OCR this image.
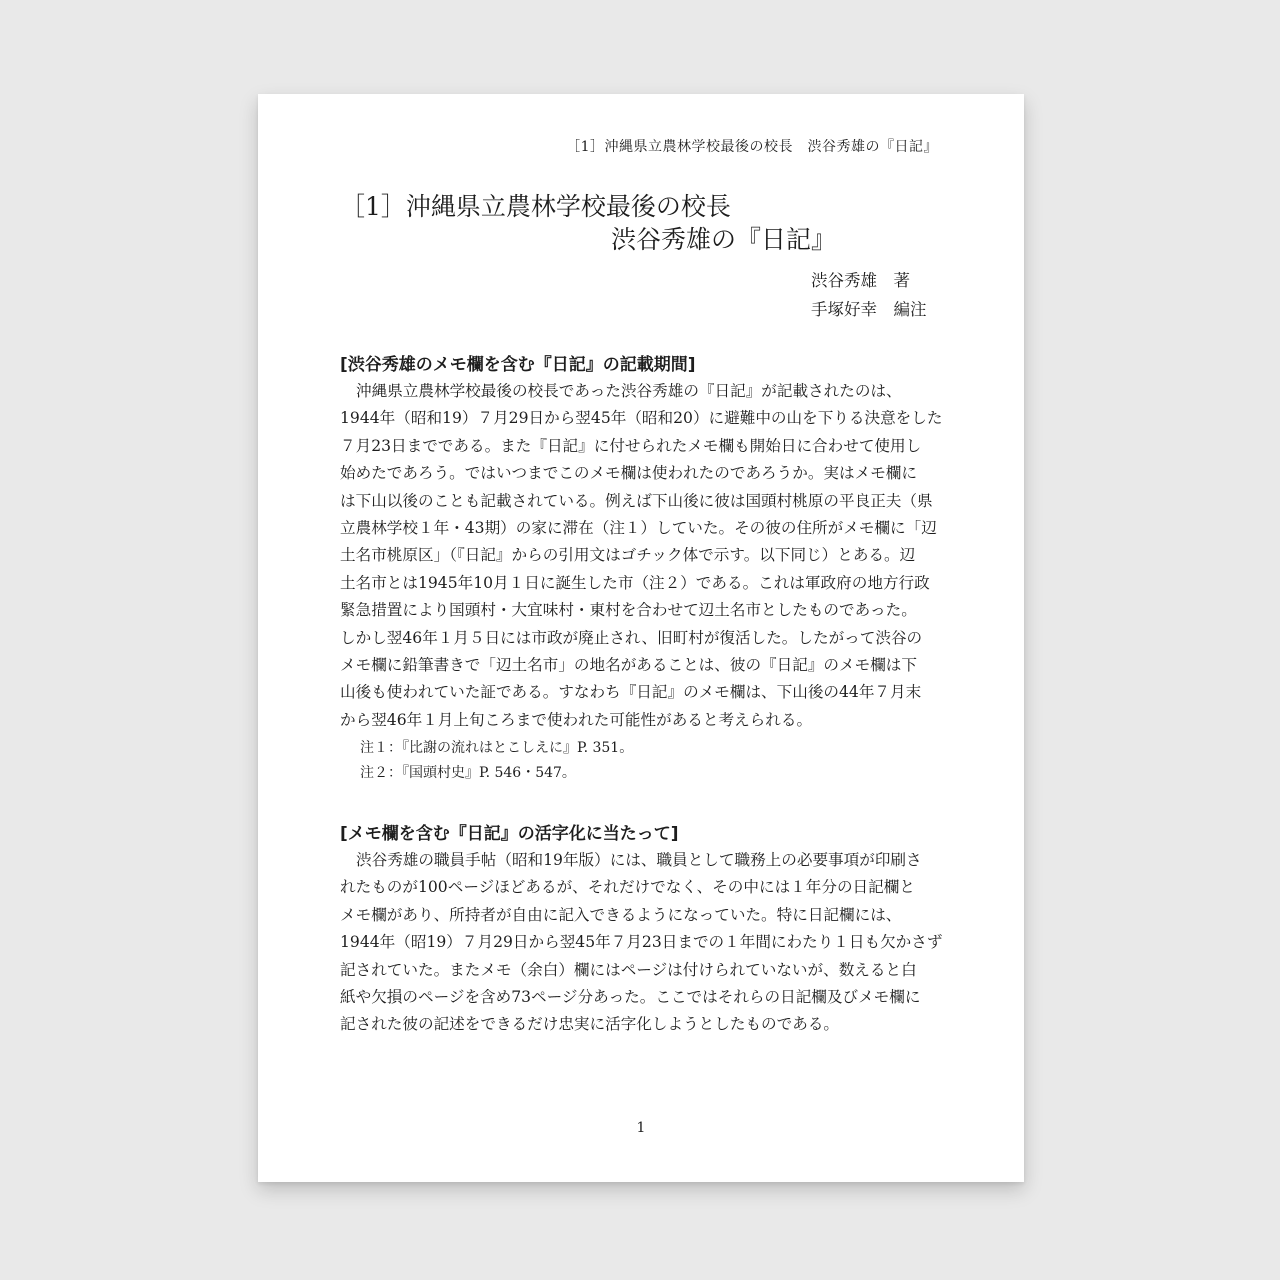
［1］沖縄県立農林学校最後の校長　渋谷秀雄の『日記』
［1］沖縄県立農林学校最後の校長
渋谷秀雄の『日記』
渋谷秀雄　著
手塚好幸　編注
[渋谷秀雄のメモ欄を含む『日記』の記載期間]
沖縄県立農林学校最後の校長であった渋谷秀雄の『日記』が記載されたのは、
1944年（昭和19）７月29日から翌45年（昭和20）に避難中の山を下りる決意をした
７月23日までである。また『日記』に付せられたメモ欄も開始日に合わせて使用し
始めたであろう。ではいつまでこのメモ欄は使われたのであろうか。実はメモ欄に
は下山以後のことも記載されている。例えば下山後に彼は国頭村桃原の平良正夫（県
立農林学校１年・43期）の家に滞在（注１）していた。その彼の住所がメモ欄に「辺
土名市桃原区」（『日記』からの引用文はゴチック体で示す。以下同じ）とある。辺
土名市とは1945年10月１日に誕生した市（注２）である。これは軍政府の地方行政
緊急措置により国頭村・大宜味村・東村を合わせて辺土名市としたものであった。
しかし翌46年１月５日には市政が廃止され、旧町村が復活した。したがって渋谷の
メモ欄に鉛筆書きで「辺土名市」の地名があることは、彼の『日記』のメモ欄は下
山後も使われていた証である。すなわち『日記』のメモ欄は、下山後の44年７月末
から翌46年１月上旬ころまで使われた可能性があると考えられる。
注１：『比謝の流れはとこしえに』P. 351。
注２：『国頭村史』P. 546・547。
[メモ欄を含む『日記』の活字化に当たって]
渋谷秀雄の職員手帖（昭和19年版）には、職員として職務上の必要事項が印刷さ
れたものが100ページほどあるが、それだけでなく、その中には１年分の日記欄と
メモ欄があり、所持者が自由に記入できるようになっていた。特に日記欄には、
1944年（昭19）７月29日から翌45年７月23日までの１年間にわたり１日も欠かさず
記されていた。またメモ（余白）欄にはページは付けられていないが、数えると白
紙や欠損のページを含め73ページ分あった。ここではそれらの日記欄及びメモ欄に
記された彼の記述をできるだけ忠実に活字化しようとしたものである。
1
